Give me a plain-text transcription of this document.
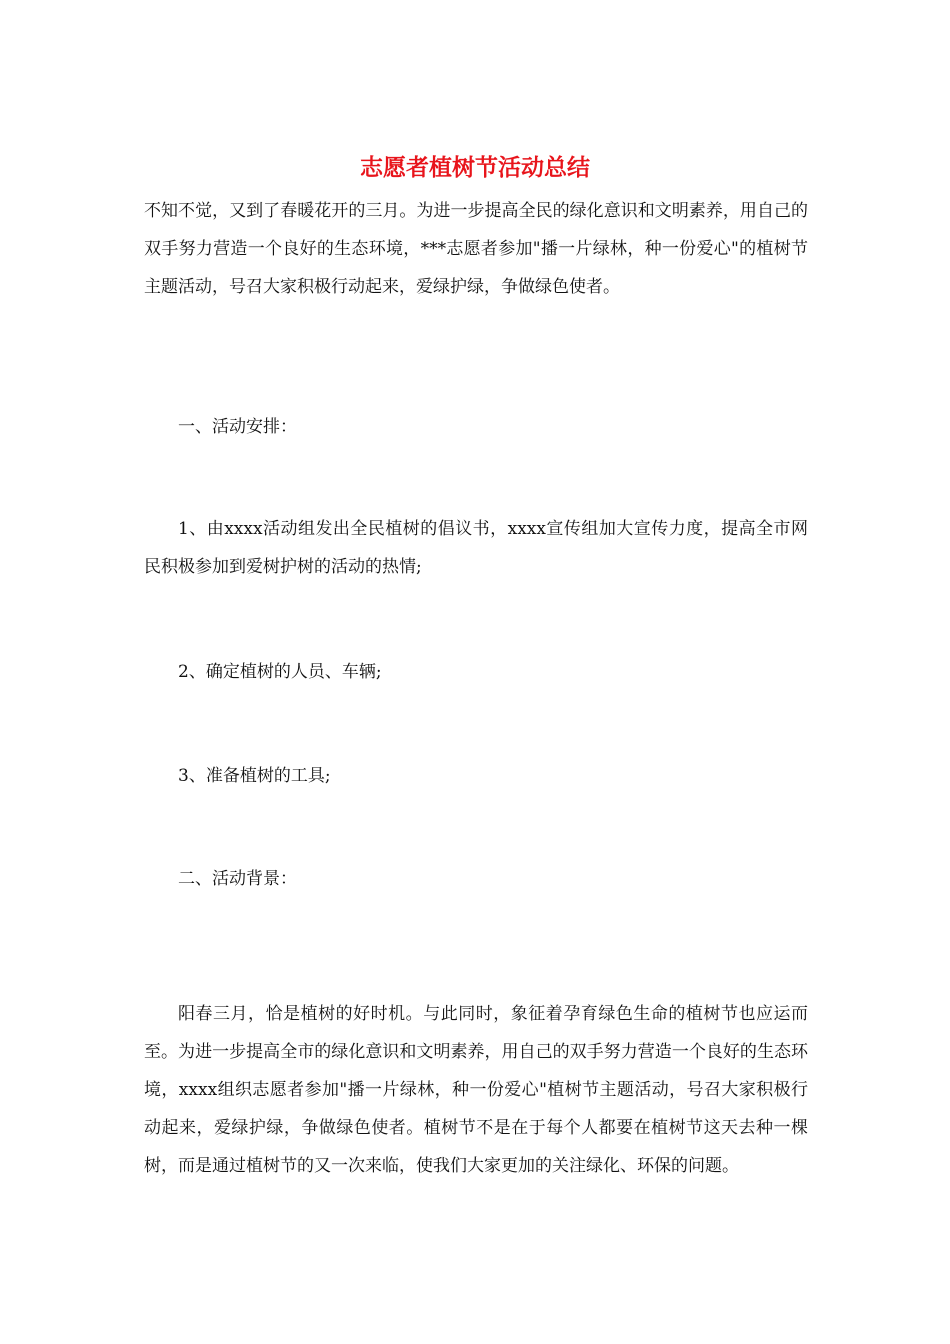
志愿者植树节活动总结

不知不觉，又到了春暖花开的三月。为进一步提高全民的绿化意识和文明素养，用自己的双手努力营造一个良好的生态环境，***志愿者参加"播一片绿林，种一份爱心"的植树节主题活动，号召大家积极行动起来，爱绿护绿，争做绿色使者。

一、活动安排：

1、由xxxx活动组发出全民植树的倡议书，xxxx宣传组加大宣传力度，提高全市网民积极参加到爱树护树的活动的热情;

2、确定植树的人员、车辆;

3、准备植树的工具;

二、活动背景：

阳春三月，恰是植树的好时机。与此同时，象征着孕育绿色生命的植树节也应运而至。为进一步提高全市的绿化意识和文明素养，用自己的双手努力营造一个良好的生态环境，xxxx组织志愿者参加"播一片绿林，种一份爱心"植树节主题活动，号召大家积极行动起来，爱绿护绿，争做绿色使者。植树节不是在于每个人都要在植树节这天去种一棵树，而是通过植树节的又一次来临，使我们大家更加的关注绿化、环保的问题。
